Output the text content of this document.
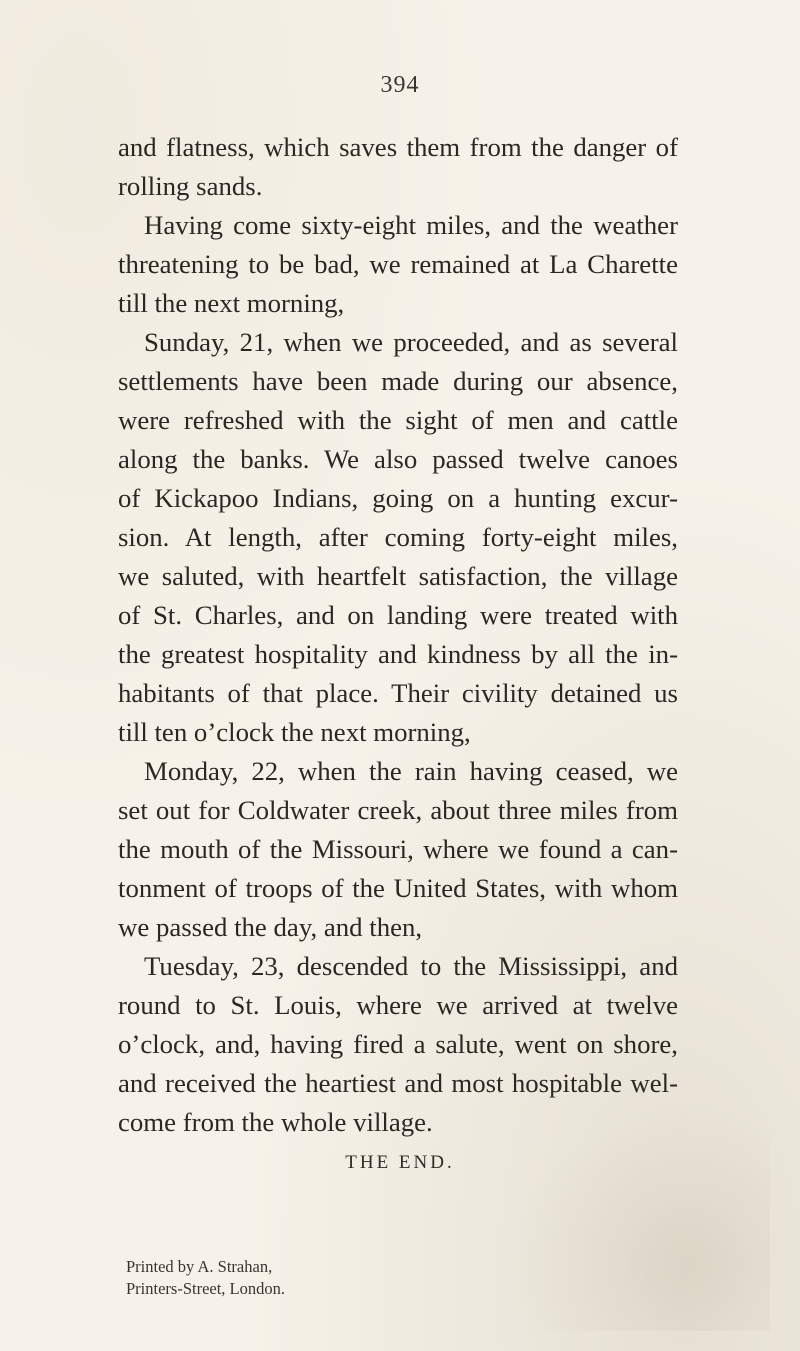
394
and flatness, which saves them from the danger of
rolling sands.
Having come sixty-eight miles, and the weather
threatening to be bad, we remained at La Charette
till the next morning,
Sunday, 21, when we proceeded, and as several
settlements have been made during our absence,
were refreshed with the sight of men and cattle
along the banks. We also passed twelve canoes
of Kickapoo Indians, going on a hunting excur-
sion. At length, after coming forty-eight miles,
we saluted, with heartfelt satisfaction, the village
of St. Charles, and on landing were treated with
the greatest hospitality and kindness by all the in-
habitants of that place. Their civility detained us
till ten o’clock the next morning,
Monday, 22, when the rain having ceased, we
set out for Coldwater creek, about three miles from
the mouth of the Missouri, where we found a can-
tonment of troops of the United States, with whom
we passed the day, and then,
Tuesday, 23, descended to the Mississippi, and
round to St. Louis, where we arrived at twelve
o’clock, and, having fired a salute, went on shore,
and received the heartiest and most hospitable wel-
come from the whole village.
THE END.
Printed by A. Strahan,
Printers-Street, London.
